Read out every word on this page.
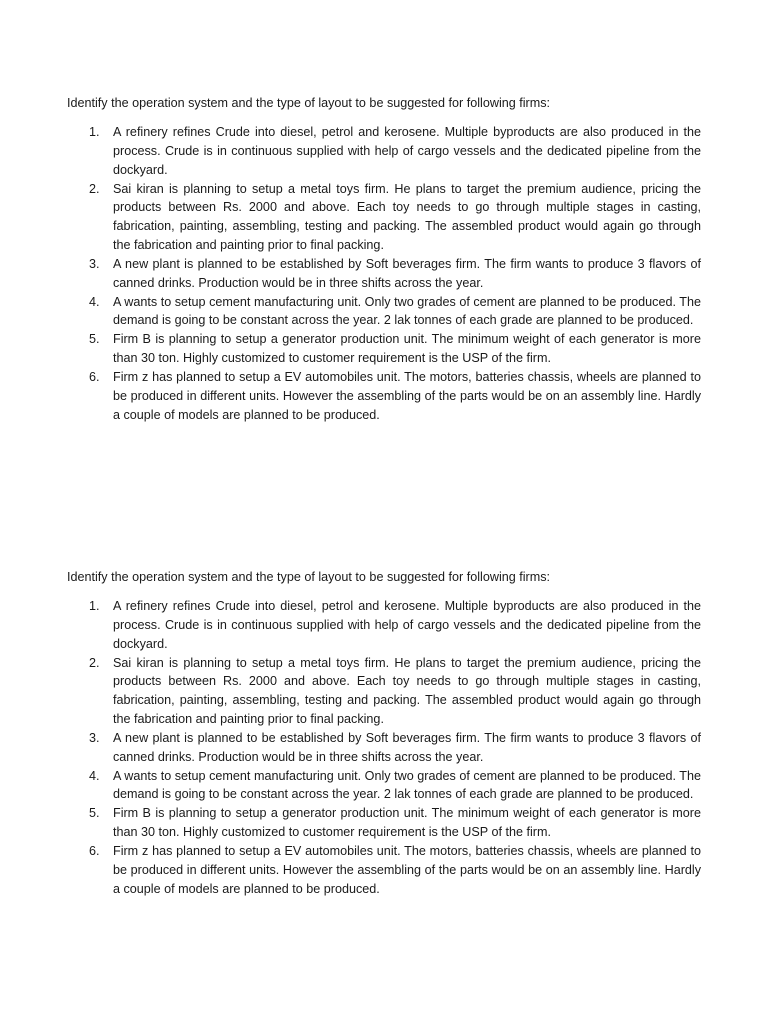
Identify the operation system and the type of layout to be suggested for following firms:

1. A refinery refines Crude into diesel, petrol and kerosene. Multiple byproducts are also produced in the process. Crude is in continuous supplied with help of cargo vessels and the dedicated pipeline from the dockyard.
2. Sai kiran is planning to setup a metal toys firm. He plans to target the premium audience, pricing the products between Rs. 2000 and above. Each toy needs to go through multiple stages in casting, fabrication, painting, assembling, testing and packing. The assembled product would again go through the fabrication and painting prior to final packing.
3. A new plant is planned to be established by Soft beverages firm. The firm wants to produce 3 flavors of canned drinks. Production would be in three shifts across the year.
4. A wants to setup cement manufacturing unit. Only two grades of cement are planned to be produced. The demand is going to be constant across the year. 2 lak tonnes of each grade are planned to be produced.
5. Firm B is planning to setup a generator production unit. The minimum weight of each generator is more than 30 ton. Highly customized to customer requirement is the USP of the firm.
6. Firm z has planned to setup a EV automobiles unit. The motors, batteries chassis, wheels are planned to be produced in different units. However the assembling of the parts would be on an assembly line. Hardly a couple of models are planned to be produced.

Identify the operation system and the type of layout to be suggested for following firms:

1. A refinery refines Crude into diesel, petrol and kerosene. Multiple byproducts are also produced in the process. Crude is in continuous supplied with help of cargo vessels and the dedicated pipeline from the dockyard.
2. Sai kiran is planning to setup a metal toys firm. He plans to target the premium audience, pricing the products between Rs. 2000 and above. Each toy needs to go through multiple stages in casting, fabrication, painting, assembling, testing and packing. The assembled product would again go through the fabrication and painting prior to final packing.
3. A new plant is planned to be established by Soft beverages firm. The firm wants to produce 3 flavors of canned drinks. Production would be in three shifts across the year.
4. A wants to setup cement manufacturing unit. Only two grades of cement are planned to be produced. The demand is going to be constant across the year. 2 lak tonnes of each grade are planned to be produced.
5. Firm B is planning to setup a generator production unit. The minimum weight of each generator is more than 30 ton. Highly customized to customer requirement is the USP of the firm.
6. Firm z has planned to setup a EV automobiles unit. The motors, batteries chassis, wheels are planned to be produced in different units. However the assembling of the parts would be on an assembly line. Hardly a couple of models are planned to be produced.
